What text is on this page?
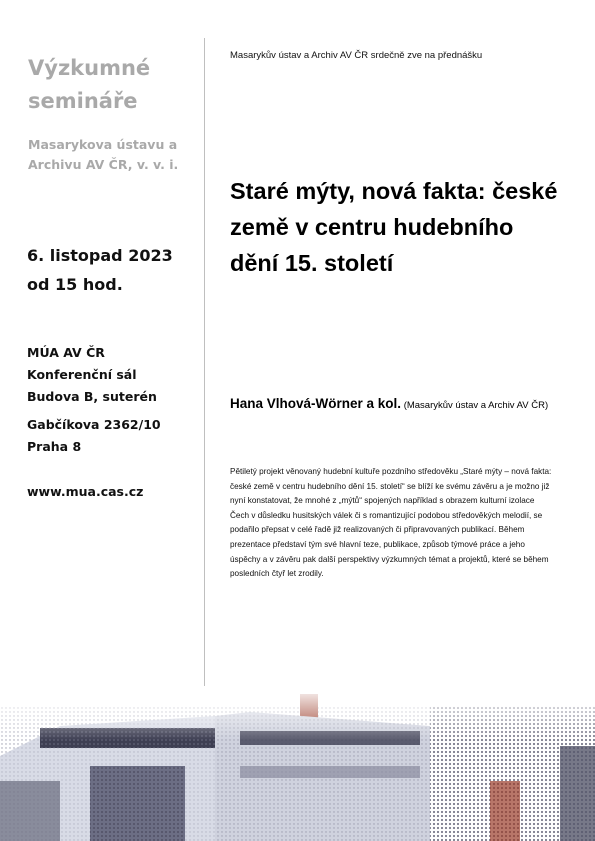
Výzkumné semináře
Masarykova ústavu a Archivu AV ČR, v. v. i.
6. listopad 2023
od 15 hod.
MÚA AV ČR
Konferenční sál
Budova B, suterén
Gabčíkova 2362/10
Praha 8
www.mua.cas.cz
Masarykův ústav a Archiv AV ČR srdečně zve na přednášku
Staré mýty, nová fakta: české země v centru hudebního dění 15. století
Hana Vlhová-Wörner a kol. (Masarykův ústav a Archiv AV ČR)
Pětiletý projekt věnovaný hudební kultuře pozdního středověku „Staré mýty – nová fakta: české země v centru hudebního dění 15. století“ se blíží ke svému závěru a je možno již nyní konstatovat, že mnohé z „mýtů“ spojených například s obrazem kulturní izolace Čech v důsledku husitských válek či s romantizující podobou středověkých melodií, se podařilo přepsat v celé řadě již realizovaných či připravovaných publikací. Během prezentace představí tým své hlavní teze, publikace, způsob týmové práce a jeho úspěchy a v závěru pak další perspektivy výzkumných témat a projektů, které se během posledních čtyř let zrodily.
